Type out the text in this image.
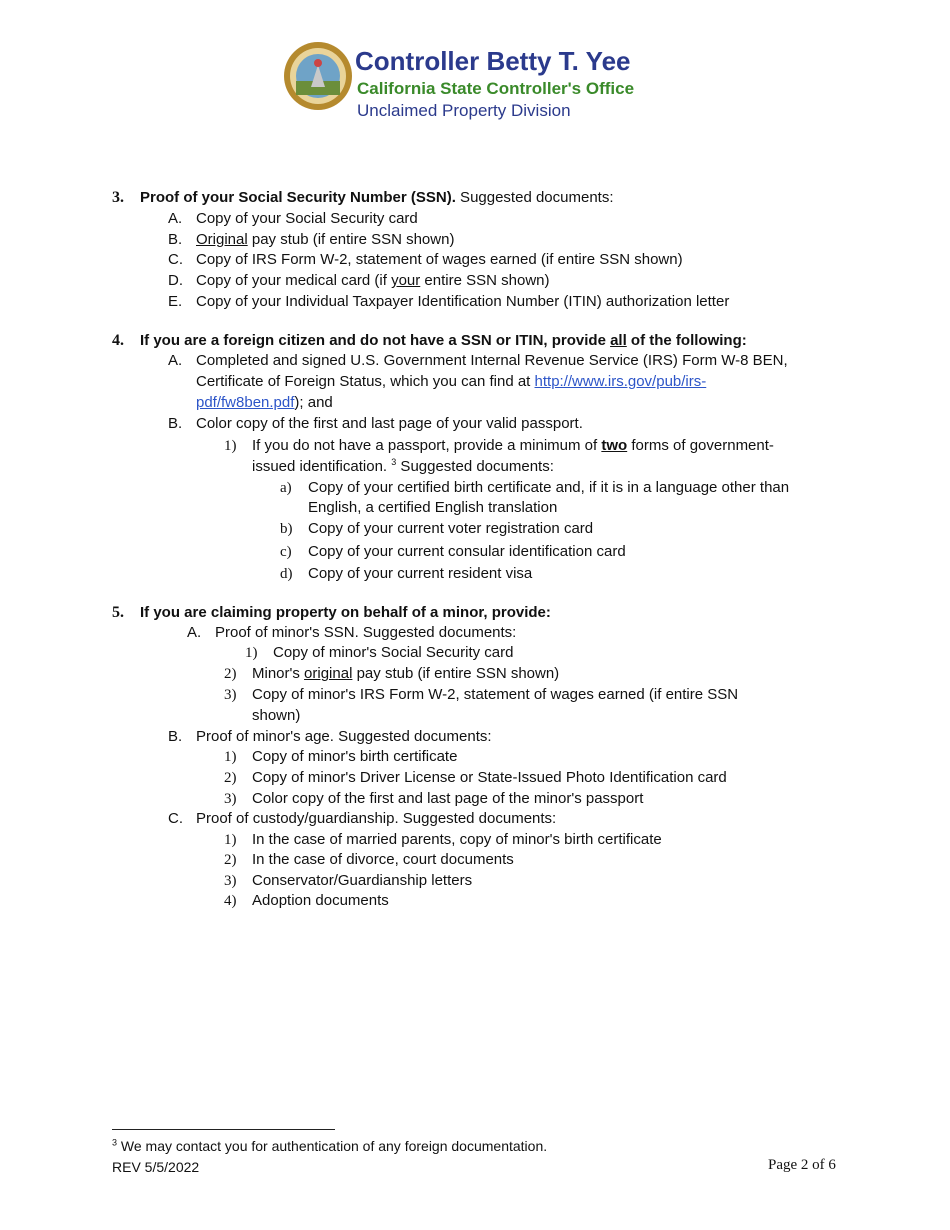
Controller Betty T. Yee
California State Controller's Office
Unclaimed Property Division
3. Proof of your Social Security Number (SSN). Suggested documents:
A. Copy of your Social Security card
B. Original pay stub (if entire SSN shown)
C. Copy of IRS Form W-2, statement of wages earned (if entire SSN shown)
D. Copy of your medical card (if your entire SSN shown)
E. Copy of your Individual Taxpayer Identification Number (ITIN) authorization letter
4. If you are a foreign citizen and do not have a SSN or ITIN, provide all of the following:
A. Completed and signed U.S. Government Internal Revenue Service (IRS) Form W-8 BEN,
Certificate of Foreign Status, which you can find at http://www.irs.gov/pub/irs-
pdf/fw8ben.pdf); and
B. Color copy of the first and last page of your valid passport.
1) If you do not have a passport, provide a minimum of two forms of government-
issued identification. $^3$ Suggested documents:
a) Copy of your certified birth certificate and, if it is in a language other than
English, a certified English translation
b) Copy of your current voter registration card
c) Copy of your current consular identification card
d) Copy of your current resident visa
5. If you are claiming property on behalf of a minor, provide:
A. Proof of minor's SSN. Suggested documents:
1) Copy of minor's Social Security card
2) Minor's original pay stub (if entire SSN shown)
3) Copy of minor's IRS Form W-2, statement of wages earned (if entire SSN
shown)
B. Proof of minor's age. Suggested documents:
1) Copy of minor's birth certificate
2) Copy of minor's Driver License or State-Issued Photo Identification card
3) Color copy of the first and last page of the minor's passport
C. Proof of custody/guardianship. Suggested documents:
1) In the case of married parents, copy of minor's birth certificate
2) In the case of divorce, court documents
3) Conservator/Guardianship letters
4) Adoption documents
$^3$ We may contact you for authentication of any foreign documentation.
REV 5/5/2022	Page 2 of 6
